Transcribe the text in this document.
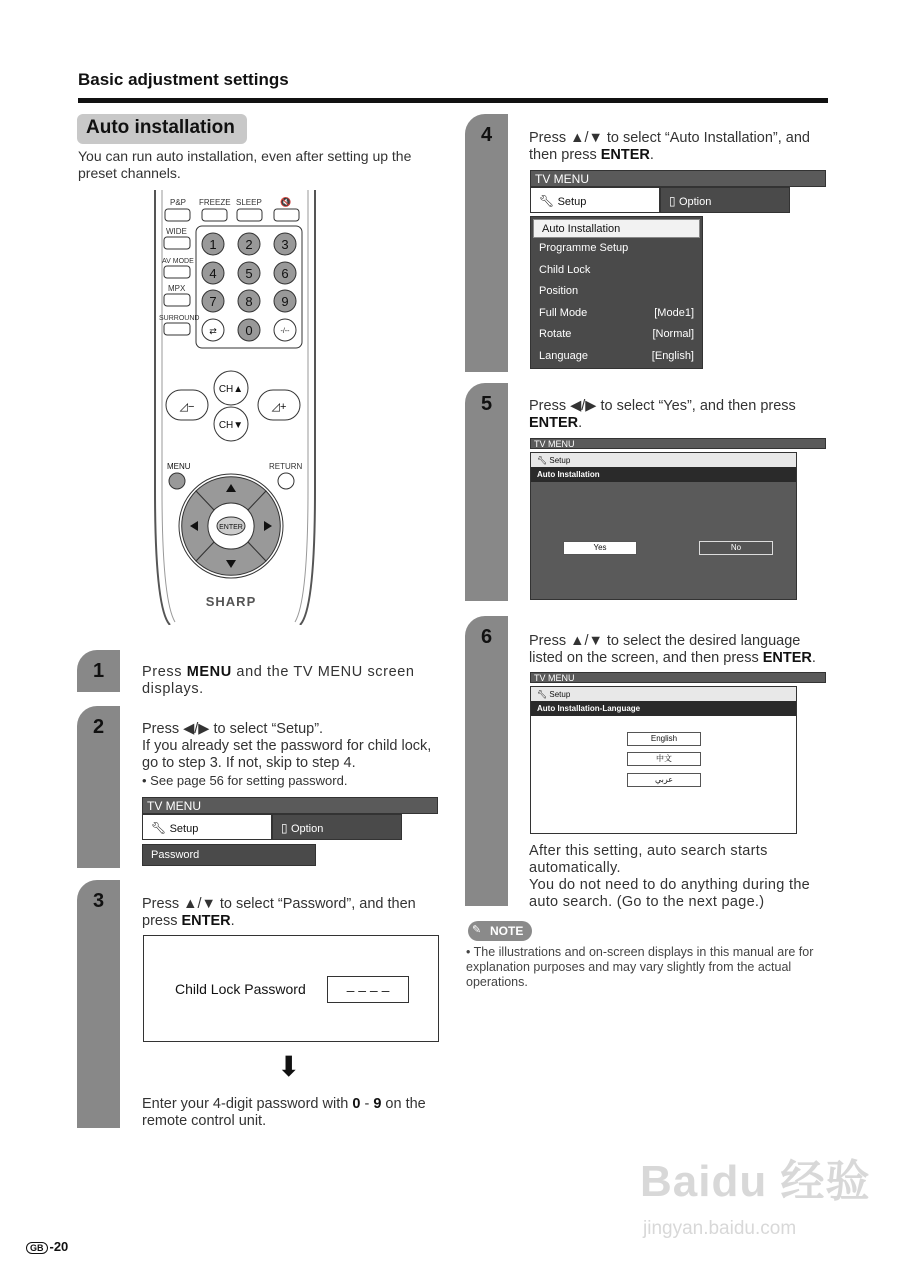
Basic adjustment settings
Auto installation
You can run auto installation, even after setting up the preset channels.
P&P FREEZE SLEEP 🔇
WIDE
AV MODE
MPX
SURROUND
1 2 3
4 5 6
7 8 9
0
⇄	-/--
CH▲
CH▼
◿−	◿+
MENU	RETURN
ENTER
SHARP
1	Press MENU and the TV MENU screen displays.
2	Press ◀/▶ to select “Setup”.
If you already set the password for child lock, go to step 3. If not, skip to step 4.
• See page 56 for setting password.
TV MENU
🔧︎ Setup	▯ Option
Password
3	Press ▲/▼ to select “Password”, and then press ENTER.
Child Lock Password	– – – –
⬇
Enter your 4-digit password with 0 - 9 on the remote control unit.
4	Press ▲/▼ to select “Auto Installation”, and then press ENTER.
TV MENU
🔧︎ Setup	▯ Option
Auto Installation
Programme Setup
Child Lock
Position
Full Mode	[Mode1]
Rotate	[Normal]
Language	[English]
5	Press ◀/▶ to select “Yes”, and then press ENTER.
TV MENU
🔧︎ Setup
Auto Installation
Yes	No
6	Press ▲/▼ to select the desired language listed on the screen, and then press ENTER.
TV MENU
🔧︎ Setup
Auto Installation-Language
English
中文
عربي
After this setting, auto search starts automatically.
You do not need to do anything during the auto search. (Go to the next page.)
NOTE
✎
• The illustrations and on-screen displays in this manual are for explanation purposes and may vary slightly from the actual operations.
GB -20
Baidu 经验
jingyan.baidu.com
